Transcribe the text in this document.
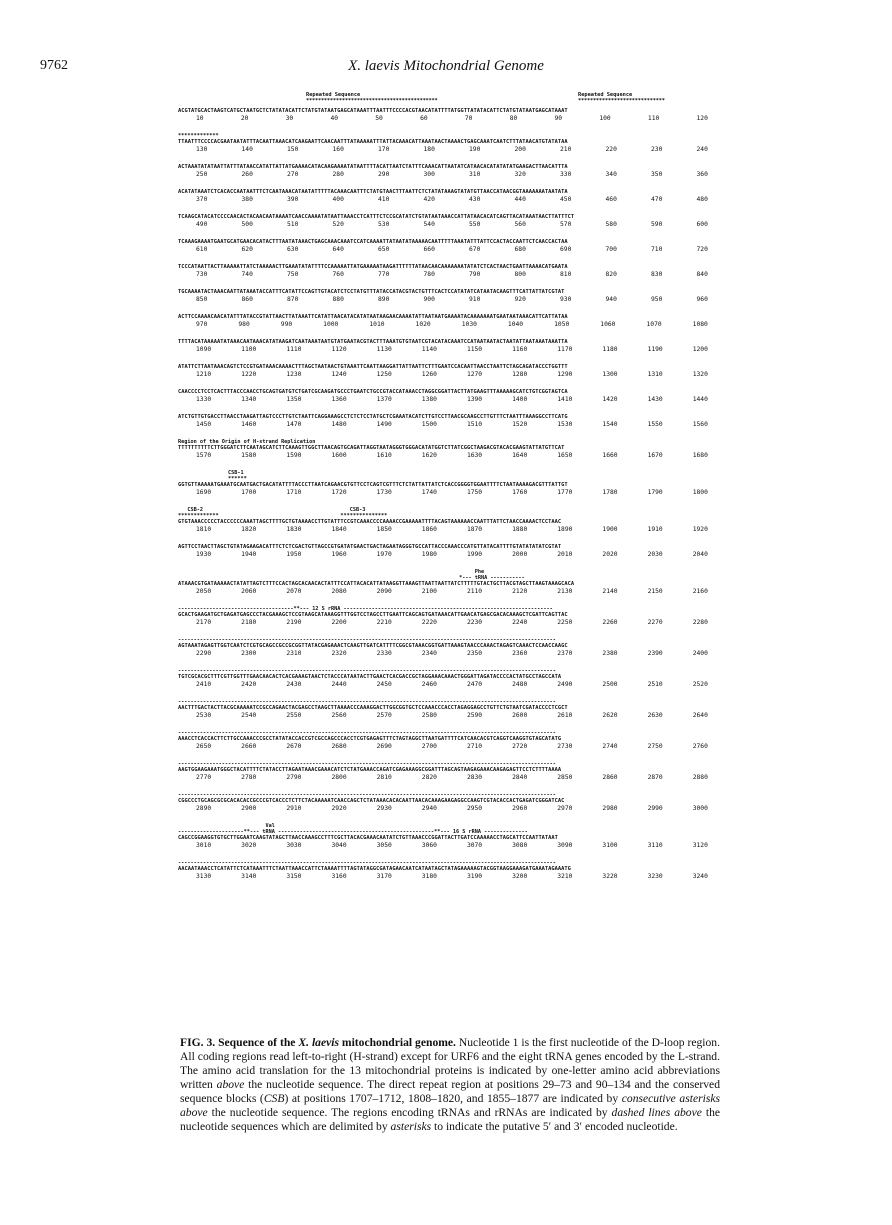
9762	X. laevis Mitochondrial Genome
Repeated Sequence
********************************************
Repeated Sequence
*****************************
ACGTATGCACTAAGTCATGCTAATGCTCTATATACATTCTATGTATAATGAGCATAAATTTAATTTCCCCACGTAACATATTTTATGGTTATATACATTCTATGTATAATGAGCATAAAT
10	20	30	40	50	60	70	80	90	100	110	120
*************
TTAATTTCCCCACGAATAATATTTACAATTAAACATCAAGAATTCAACAATTTATAAAAATTTATTACAAACATTAAATAACTAAAACTGAGCAAATCAATCTTTATAACATGTATATAA
130	140	150	160	170	180	190	200	210	220	230	240
ACTAAATATATAATTATTTATAACCATATTATTATGAAAACATACAAGAAAATATAATTTTACATTAATCTATTTCAAACATTAATATCATAACACATATATATGAAGACTTAACATTTA
250	260	270	280	290	300	310	320	330	340	350	360
ACATATAAATCTCACACCAATAATTTCTCAATAAACATAATATTTTTACAAACAATTTCTATGTAACTTTAATTCTCTATATAAAGTATATGTTAACCATAACGGTAAAAAAATAATATA
370	380	390	400	410	420	430	440	450	460	470	480
TCAAGCATACATCCCCAACACTACAACAATAAAATCAACCAAAATATAATTAAACCTCATTTCTCCGCATATCTGTATAATAAACCATTATAACACATCAGTTACATAAATAACTTATTTCT
490	500	510	520	530	540	550	560	570	580	590	600
TCAAAGAAAATGAATGCATGAACACATACTTTAATATAAACTGAGCAAACAAATCCATCAAAATTATAATATAAAAACAATTTTTAAATATTTATTCCACTACCAATTCTCAACCACTAA
610	620	630	640	650	660	670	680	690	700	710	720
TCCCATAATTACTTAAAAATTATCTAAAAACTTGAAATATATTTTCCAAAAATTATGAAAAATAAGATTTTTTATAACAACAAAAAAATATATCTCACTAACTGAATTAAAACATGAATA
730	740	750	760	770	780	790	800	810	820	830	840
TGCAAAATACTAAACAATTATAAATACCATTTCATATTCCAGTTGTACATCTCCTATGTTTATACCATACGTACTGTTTCACTCCATATATCATAATACAAGTTTCATTATTATCGTAT
850	860	870	880	890	900	910	920	930	940	950	960
ACTTCCAAAACAACATATTTATACCGTATTAACTTATAAATTCATATTAACATACATATAATAAGAACAAAATATTAATAATGAAAATACAAAAAAATGAATAATAAACATTCATTATAA
970	980	990	1000	1010	1020	1030	1040	1050	1060	1070	1080
TTTTACATAAAAATATAAACAATAAACATATAAGATCAATAAATAATGTATGAATACGTACTTTAAATGTGTAATCGTACATACAAATCCATAATAATACTAATATTAATAAATAAATTA
1090	1100	1110	1120	1130	1140	1150	1160	1170	1180	1190	1200
ATATTCTTAATAAACAGTCTCCGTGATAAACAAAACTTTAGCTAATAACTGTAAATTCAATTAAGGATTATTAATTCTTTGAATCCACAATTAACCTAATTCTAGCAGATACCCTGGTTT
1210	1220	1230	1240	1250	1260	1270	1280	1290	1300	1310	1320
CAACCCCTCCTCACTTTACCCAACCTGCAGTGATGTCTGATCGCAAGATGCCCTGAATCTGCCGTACCATAAACCTAGGCGGATTACTTATGAAGTTTAAAAAGCATCTGTCGGTAGTCA
1330	1340	1350	1360	1370	1380	1390	1400	1410	1420	1430	1440
ATCTGTTGTGACCTTAACCTAAGATTAGTCCCTTGTCTAATTCAGGAAAGCCTCTCTCCTATGCTCGAAATACATCTTGTCCTTAACGCAAGCCTTGTTTCTAATTTAAAGGCCTTCATG
1450	1460	1470	1480	1490	1500	1510	1520	1530	1540	1550	1560
Region of the Origin of H-strand Replication
TTTTTTTTTTCTTGGGATCTTCAATAGCATCTTCAAAGTTGGCTTAACAGTGCAGATTAGGTAATAGGGTGGGACATATGGTCTTATCGGCTAAGACGTACACGAAGTATTATGTTCAT
1570	1580	1590	1600	1610	1620	1630	1640	1650	1660	1670	1680
CSB-1
******
GGTGTTAAAAATGAAATGCAATGACTGACATATTTTACCCTTAATCAGAACGTGTTCCTCAGTCGTTTCTCTATTATTATCTCACCGGGGTGGAATTTTCTAATAAAAGACGTTTATTGT
1690	1700	1710	1720	1730	1740	1750	1760	1770	1780	1790	1800
CSB-2                                               CSB-3
*************                                       ***************
GTGTAAACCCCCTACCCCCCAAATTAGCTTTTGCTGTAAAACCTTGTATTTCCGTCAAACCCCAAAACCGAAAAATTTTACAGTAAAAAACCAATTTATTCTAACCAAAACTCCTAAC
1810	1820	1830	1840	1850	1860	1870	1880	1890	1900	1910	1920
AGTTCCTAACTTAGCTGTATAGAAGACATTTCTCTCGACTGTTAGCCGTGATATGAACTGACTAGAATAGGGTGCCATTACCCAAACCCATGTTATACATTTTGTATATATATCGTAT
1930	1940	1950	1960	1970	1980	1990	2000	2010	2020	2030	2040
Phe
*--- tRNA -----------
ATAAACGTGATAAAAACTATATTAGTCTTTCCACTAGCACAACACTATTTCCATTACACATTATAAGGTTAAAGTTAATTAATTATCTTTTTGTACTGCTTACGTAGCTTAAGTAAAGCACA
2050	2060	2070	2080	2090	2100	2110	2120	2130	2140	2150	2160
-------------------------------------**--- 12 S rRNA -------------------------------------------------------------------
GCACTGAAGATGCTGAGATGAGCCCTACGAAAGCTCCGTAAGCATAAAGGTTTGGTCCTAGCCTTGAATTCAGCAGTGATAAACATTGAACATGAGCGACACAAAGCTCGATTCAGTTAC
2170	2180	2190	2200	2210	2220	2230	2240	2250	2260	2270	2280
-------------------------------------------------------------------------------------------------------------------------
AGTAAATAGAGTTGGTCAATCTCGTGCAGCCGCCGCGGTTATACGAGAAACTCAAGTTGATCATTTTCGGCGTAAACGGTGATTAAAGTAACCCAAACTAGAGTCAAACTCCAACCAAGC
2290	2300	2310	2320	2330	2340	2350	2360	2370	2380	2390	2400
-------------------------------------------------------------------------------------------------------------------------
TGTCGCACGCTTTCGTTGGTTTGAACAACACTCACGAAAGTAACTCTACCCATAATACTTGAACTCACGACCGCTAGGAAACAAACTGGGATTAGATACCCCACTATGCCTAGCCATA
2410	2420	2430	2440	2450	2460	2470	2480	2490	2500	2510	2520
-------------------------------------------------------------------------------------------------------------------------
AACTTTGACTACTTACGCAAAAATCCGCCAGAACTACGAGCCTAAGCTTAAAACCCAAAGGACTTGGCGGTGCTCCAAACCCACCTAGAGGAGCCTGTTCTGTAATCGATACCCCTCGCT
2530	2540	2550	2560	2570	2580	2590	2600	2610	2620	2630	2640
-------------------------------------------------------------------------------------------------------------------------
AAACCTCACCACTTCTTGCCAAACCCGCCTATATACCACCGTCGCCAGCCCACCTCGTGAGAGTTTCTAGTAGGCTTAATGATTTTCATCAACACGTCAGGTCAAGGTGTAGCATATG
2650	2660	2670	2680	2690	2700	2710	2720	2730	2740	2750	2760
-------------------------------------------------------------------------------------------------------------------------
AAGTGGAAGAAATGGGCTACATTTTCTATACCTTAGAATAAACGAAACATCTCTATGAAACCAGATCGAGAAAGGCGGATTTAGCAGTAAGAGAAACAAGAGAGTTCCTCTTTTAAAA
2770	2780	2790	2800	2810	2820	2830	2840	2850	2860	2870	2880
-------------------------------------------------------------------------------------------------------------------------
CGGCCCTGCAGCGCGCACACACCGCCCGTCACCCTCTTCTACAAAAATCAACCAGCTCTATAAACACACAATTAACACAAAGAAGAGGCCAAGTCGTACACCACTGAGATCGGGATCAC
2890	2900	2910	2920	2930	2940	2950	2960	2970	2980	2990	3000
Val
---------------------**--- tRNA --------------------------------------------------**--- 16 S rRNA --------------
CAGCCGGAAGGTGTGCTTGGAATCAAGTATAGCTTAACCAAAGCCTTTCGCTTACACGAAACAATATCTGTTAAACCCGGATTACTTGATCCAAAAACCTAGCATTCCAATTATAAT
3010	3020	3030	3040	3050	3060	3070	3080	3090	3100	3110	3120
-------------------------------------------------------------------------------------------------------------------------
AACAATAAACCTCATATTCTCATAAATTTCTAATTAAACCATTCTAAAATTTTAGTATAGGCGATAGAACAATCATAATAGCTATAGAAAAAGTACGGTAAGGAAAGATGAAATAGAAATG
3130	3140	3150	3160	3170	3180	3190	3200	3210	3220	3230	3240
FIG. 3. Sequence of the X. laevis mitochondrial genome. Nucleotide 1 is the first nucleotide of the D-loop region. All coding regions read left-to-right (H-strand) except for URF6 and the eight tRNA genes encoded by the L-strand. The amino acid translation for the 13 mitochondrial proteins is indicated by one-letter amino acid abbreviations written above the nucleotide sequence. The direct repeat region at positions 29–73 and 90–134 and the conserved sequence blocks (CSB) at positions 1707–1712, 1808–1820, and 1855–1877 are indicated by consecutive asterisks above the nucleotide sequence. The regions encoding tRNAs and rRNAs are indicated by dashed lines above the nucleotide sequences which are delimited by asterisks to indicate the putative 5′ and 3′ encoded nucleotide.
